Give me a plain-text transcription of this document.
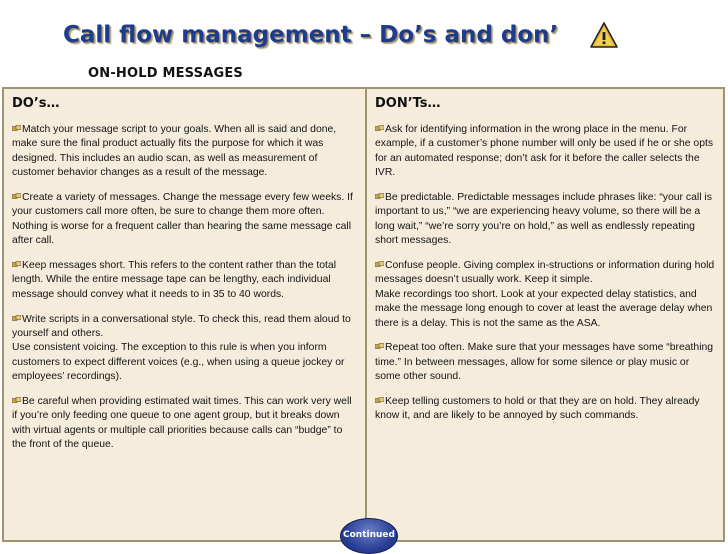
Call flow management – Do’s and don’
ON-HOLD MESSAGES
DO’s…
Match your message script to your goals. When all is said and done, make sure the final product actually fits the purpose for which it was designed. This includes an audio scan, as well as measurement of customer behavior changes as a result of the message.
Create a variety of messages. Change the message every few weeks. If your customers call more often, be sure to change them more often. Nothing is worse for a frequent caller than hearing the same message call after call.
Keep messages short. This refers to the content rather than the total length. While the entire message tape can be lengthy, each individual message should convey what it needs to in 35 to 40 words.
Write scripts in a conversational style. To check this, read them aloud to yourself and others.
Use consistent voicing. The exception to this rule is when you inform customers to expect different voices (e.g., when using a queue jockey or employees’ recordings).
Be careful when providing estimated wait times. This can work very well if you’re only feeding one queue to one agent group, but it breaks down with virtual agents or multiple call priorities because calls can “budge” to the front of the queue.
DON’Ts…
Ask for identifying information in the wrong place in the menu. For example, if a customer’s phone number will only be used if he or she opts for an automated response; don’t ask for it before the caller selects the IVR.
Be predictable. Predictable messages include phrases like: “your call is important to us,” “we are experiencing heavy volume, so there will be a long wait,” “we’re sorry you’re on hold,” as well as endlessly repeating short messages.
Confuse people. Giving complex in-structions or information during hold messages doesn’t usually work. Keep it simple.
Make recordings too short. Look at your expected delay statistics, and make the message long enough to cover at least the average delay when there is a delay. This is not the same as the ASA.
Repeat too often. Make sure that your messages have some “breathing time.” In between messages, allow for some silence or play music or some other sound.
Keep telling customers to hold or that they are on hold. They already know it, and are likely to be annoyed by such commands.
Continued
